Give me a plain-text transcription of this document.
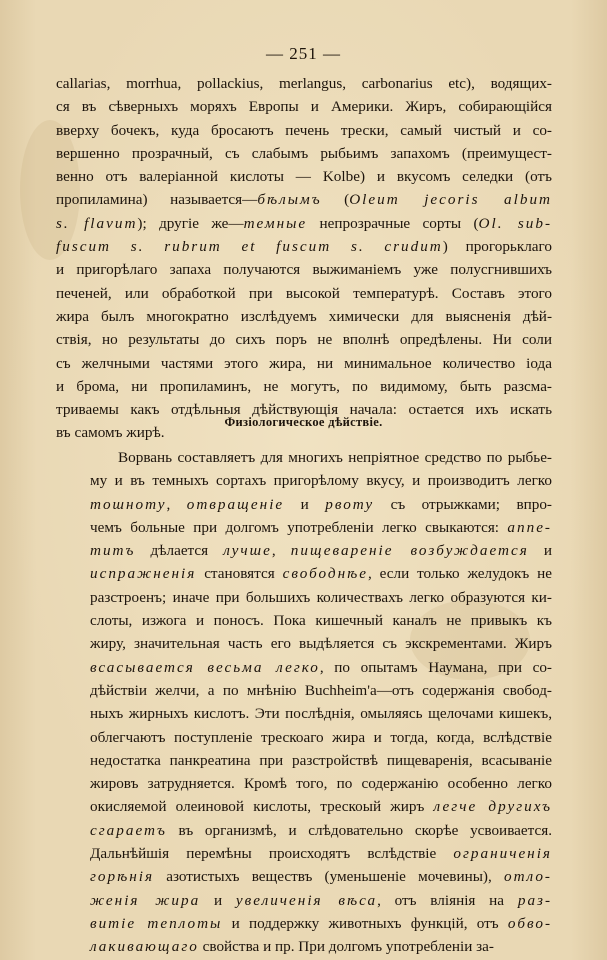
— 251 —
callarias, morrhua, pollackius, merlangus, carbonarius etc), водящих-
ся въ сѣверныхъ моряхъ Европы и Америки. Жиръ, собирающійся
вверху бочекъ, куда бросаютъ печень трески, самый чистый и со-
вершенно прозрачный, съ слабымъ рыбьимъ запахомъ (преимущест-
венно отъ валеріанной кислоты — Kolbe) и вкусомъ селедки (отъ
пропиламина) называется—бѣлымъ (Oleum jecoris album
s. flavum); другіе же—темные непрозрачные сорты (Ol. sub-
fuscum s. rubrum et fuscum s. crudum) прогорьклаго
и пригорѣлаго запаха получаются выжиманіемъ уже полусгнившихъ
печеней, или обработкой при высокой температурѣ. Составъ этого
жира былъ многократно изслѣдуемъ химически для выясненія дѣй-
ствія, но результаты до сихъ поръ не вполнѣ опредѣлены. Ни соли
съ желчными частями этого жира, ни минимальное количество іода
и брома, ни пропиламинъ, не могутъ, по видимому, быть разсма-
триваемы какъ отдѣльныя дѣйствующія начала: остается ихъ искать
въ самомъ жирѣ.
Физіологическое дѣйствіе.
Ворвань составляетъ для многихъ непріятное средство по рыбье-
му и въ темныхъ сортахъ пригорѣлому вкусу, и производитъ легко
тошноту, отвращеніе и рвоту съ отрыжками; впро-
чемъ больные при долгомъ употребленіи легко свыкаются: аппе-
титъ дѣлается лучше, пищевареніе возбуждается и
испражненія становятся свободнѣе, если только желудокъ не
разстроенъ; иначе при большихъ количествахъ легко образуются ки-
слоты, изжога и поносъ. Пока кишечный каналъ не привыкъ къ
жиру, значительная часть его выдѣляется съ экскрементами. Жиръ
всасывается весьма легко, по опытамъ Наумана, при со-
дѣйствіи желчи, а по мнѣнію Buchheim'а—отъ содержанія свобод-
ныхъ жирныхъ кислотъ. Эти послѣднія, омыляясь щелочами кишекъ,
облегчаютъ поступленіе трескоаго жира и тогда, когда, вслѣдствіе
недостатка панкреатина при разстройствѣ пищеваренія, всасываніе
жировъ затрудняется. Кромѣ того, по содержанію особенно легко
окисляемой олеиновой кислоты, трескоый жиръ легче другихъ
сгараетъ въ организмѣ, и слѣдовательно скорѣе усвоивается.
Дальнѣйшія перемѣны происходятъ вслѣдствіе ограниченія
горѣнія азотистыхъ веществъ (уменьшеніе мочевины), отло-
женія жира и увеличенія вѣса, отъ вліянія на раз-
витіе теплоты и поддержку животныхъ функцій, отъ обво-
лакивающаго свойства и пр. При долгомъ употребленіи за-
